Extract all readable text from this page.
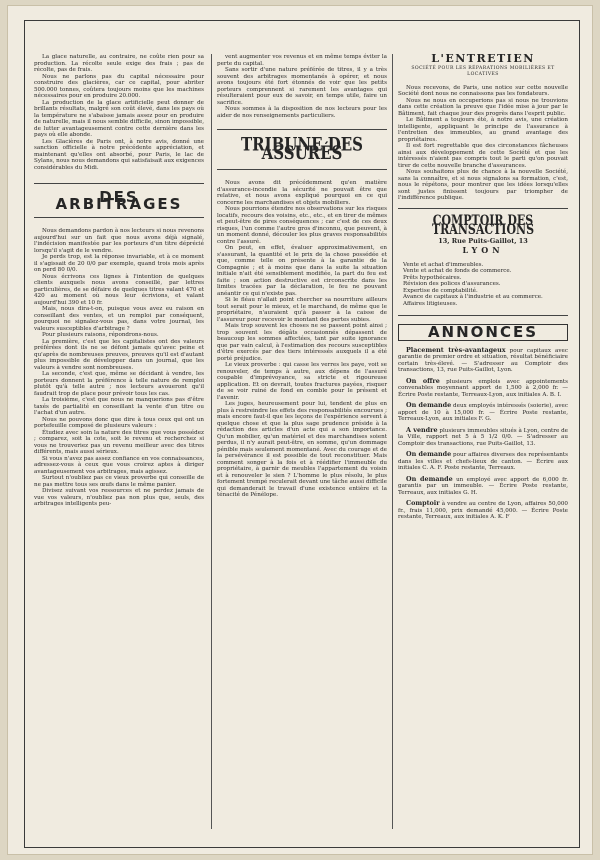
La glace naturelle, au contraire, ne coûte rien pour sa production. La récolte seule exige des frais ; pas de récolte, pas de frais.

Nous ne parlons pas du capital nécessaire pour construire des glacières, car ce capital, pour abriter 500.000 tonnes, coûtera toujours moins que les machines nécessaires pour en produire 20.000.

La production de la glace artificielle peut donner de brillants résultats, malgré son coût élevé, dans les pays où la température ne s'abaisse jamais assez pour en produire de naturelle, mais il nous semble difficile, sinon impossible, de lutter avantageusement contre cette dernière dans les pays où elle abonde.

Les Glacières de Paris ont, à notre avis, donné une sanction officielle à notre précédente appréciation, et maintenant qu'elles ont absorbé, pour Paris, le lac de Sylans, nous nous demandons qui satisfaisait aux exigences considérables du Midi.

DES ARBITRAGES

Nous demandons pardon à nos lecteurs si nous revenons aujourd'hui sur un fait que nous avons déjà signalé, l'indécision manifestée par les porteurs d'un titre déprécié lorsqu'il s'agit de le vendre.

Je perds trop, est la réponse invariable, et à ce moment il s'agissait de 20 0/0 par exemple, quand trois mois après on perd 80 0/0.

Nous écrivons ces lignes à l'intention de quelques clients auxquels nous avons conseillé, par lettres particulières, de se défaire de quelques titres valant 470 et 420 au moment où nous leur écrivions, et valant aujourd'hui 390 et 10 fr.

Mais, nous dira-t-on, puisque vous avez eu raison en conseillant des ventes, et un remploi par conséquent, pourquoi ne signalez-vous pas, dans votre journal, les valeurs susceptibles d'arbitrage ?

Pour plusieurs raisons, répondrons-nous.

La première, c'est que les capitalistes ont des valeurs préférées dont ils ne se défont jamais qu'avec peine et qu'après de nombreuses preuves, preuves qu'il est d'autant plus impossible de développer dans un journal, que les valeurs à vendre sont nombreuses.

La seconde, c'est que, même se décidant à vendre, les porteurs donnent la préférence à telle nature de remploi plutôt qu'à telle autre ; nos lecteurs avoueront qu'il faudrait trop de place pour prévoir tous les cas.

La troisième, c'est que nous ne manquerions pas d'être taxés de partialité en conseillant la vente d'un titre ou l'achat d'un autre.

Nous ne pouvons donc que dire à tous ceux qui ont un portefeuille composé de plusieurs valeurs :

Étudiez avec soin la nature des titres que vous possédez ; comparez, soit la cote, soit le revenu et recherchez si vous ne trouveriez pas un revenu meilleur avec des titres différents, mais aussi sérieux.

Si vous n'avez pas assez confiance en vos connaissances, adressez-vous à ceux que vous croirez aptes à diriger avantageusement vos arbitrages, mais agissez.

Surtout n'oubliez pas ce vieux proverbe qui conseille de ne pas mettre tous ses œufs dans le même panier.

Divisez suivant vos ressources et ne perdez jamais de vue vos valeurs, n'oubliez pas non plus que, seuls, des arbitrages intelligents peu-

vent augmenter vos revenus et en même temps éviter la perte du capital.

Sans sortir d'une nature préférée de titres, il y a très souvent des arbitrages momentanés à opérer, et nous avons toujours été fort étonnés de voir que les petits porteurs comprennent si rarement les avantages qui résulteraient pour eux de savoir, en temps utile, faire un sacrifice.

Nous sommes à la disposition de nos lecteurs pour les aider de nos renseignements particuliers.

TRIBUNE DES ASSURÉS

Nous avons dit précédemment qu'en matière d'assurance-incendie la sécurité ne pouvait être que relative, et nous avons expliqué pourquoi en ce qui concerne les marchandises et objets mobiliers.

Nous pourrions étendre nos observations sur les risques locatifs, recours des voisins, etc., etc., et en tirer de mêmes et peut-être de pires conséquences ; car c'est de ces deux risques, l'un comme l'autre gros d'inconnu, que peuvent, à un moment donné, découler les plus graves responsabilités contre l'assuré.

On peut, en effet, évaluer approximativement, en s'assurant, la quantité et le prix de la chose possédée et que, comme telle on présente à la garantie de la Compagnie ; et à moins que dans la suite la situation initiale n'ait été sensiblement modifiée, la part du feu est faite ; son action destructive est circonscrite dans les limites tracées par la déclaration, le feu ne pouvant anéantir ce qui n'existe pas.

Si le fléau n'allait point chercher sa nourriture ailleurs tout serait pour le mieux, et le marchand, de même que le propriétaire, n'auraient qu'à passer à la caisse de l'assureur pour recevoir le montant des pertes subies.

Mais trop souvent les choses ne se passent point ainsi ; trop souvent les dégâts occasionnés dépassent de beaucoup les sommes affectées, tant par suite ignorance que par vain calcul, à l'estimation des recours susceptibles d'être exercés par des tiers intéressés auxquels il a été porté préjudice.

Le vieux proverbe : qui casse les verres les paye, voit se renouveler, de temps à autre, aux dépens de l'assuré coupable d'imprévoyance, sa stricte et rigoureuse application. Et on devrait, toutes fractures payées, risquer de se voir ruiné de fond en comble pour le présent et l'avenir.

Les juges, heureusement pour lui, tendent de plus en plus à restreindre les effets des responsabilités encourues ; mais encore faut-il que les leçons de l'expérience servent à quelque chose et que la plus sage prudence préside à la rédaction des articles d'un acte qui a son importance. Qu'un mobilier, qu'un matériel et des marchandises soient perdus, il n'y aurait peut-être, en somme, qu'un dommage pénible mais seulement momentané. Avec du courage et de la persévérance il est possible de tout reconstituer. Mais comment songer à la fois et à réédifier l'immeuble du propriétaire, à garnir de meubles l'appartement du voisin et à renouveler le sien ? L'homme le plus résolu, le plus fortement trempé reculerait devant une tâche aussi difficile qui demanderait le travail d'une existence entière et la ténacité de Pénélope.

L'ENTRETIEN
SOCIÉTÉ POUR LES RÉPARATIONS MOBILIÈRES ET LOCATIVES

Nous recevons, de Paris, une notice sur cette nouvelle Société dont nous ne connaissons pas les fondateurs.

Nous ne nous en occuperions pas si nous ne trouvions dans cette création la preuve que l'idée mise à jour par le Bâtiment, fait chaque jour des progrès dans l'esprit public.

Le Bâtiment a toujours été, à notre avis, une création intelligente, appliquant le principe de l'assurance à l'entretien des immeubles, au grand avantage des propriétaires.

Il est fort regrettable que des circonstances fâcheuses ainsi aux développement de cette Société et que les intéressés n'aient pas compris tout le parti qu'on pouvait tirer de cette nouvelle branche d'assurances.

Nous souhaitons plus de chance à la nouvelle Société, sans la connaître, et si nous signalons sa formation, c'est, nous le répétons, pour montrer que les idées lorsqu'elles sont justes finissent toujours par triompher de l'indifférence publique.

COMPTOIR DES TRANSACTIONS
13, Rue Puits-Gaillot, 13
LYON
Vente et achat d'immeubles.
Vente et achat de fonds de commerce.
Prêts hypothécaires.
Révision des polices d'assurances.
Expertise de comptabilité.
Avance de capitaux à l'industrie et au commerce.
Affaires litigieuses.
ANNONCES

Placement très-avantageux pour capitaux avec garantie de premier ordre et situation, résultat bénéficiaire certain très-élevé. — S'adresser au Comptoir des transactions, 13, rue Puits-Gaillot, Lyon.

On offre plusieurs emplois avec appointements convenables moyennant apport de 1,500 à 2,000 fr. — Écrire Poste restante, Terreaux-Lyon, aux initiales A. B. I.

On demande deux employés intéressés (soierie), avec apport de 10 à 15,000 fr. — Écrire Poste restante, Terreaux-Lyon, aux initiales F. G.

A vendre plusieurs immeubles situés à Lyon, centre de la Ville, rapport net 5 à 5 1/2 0/0. — S'adresser au Comptoir des transactions, rue Puits-Gaillot, 13.

On demande pour affaires diverses des représentants dans les villes et chefs-lieux de canton. — Écrire aux initiales C. A. F. Poste restante, Terreaux.

On demande un employé avec apport de 6,000 fr. garantis par un immeuble. — Écrire Poste restante, Terreaux, aux initiales G. H.

Comptoir à vendre au centre de Lyon, affaires 50,000 fr., frais 11,000, prix demandé 45,000. — Écrire Poste restante, Terreaux, aux initiales A. K. F
